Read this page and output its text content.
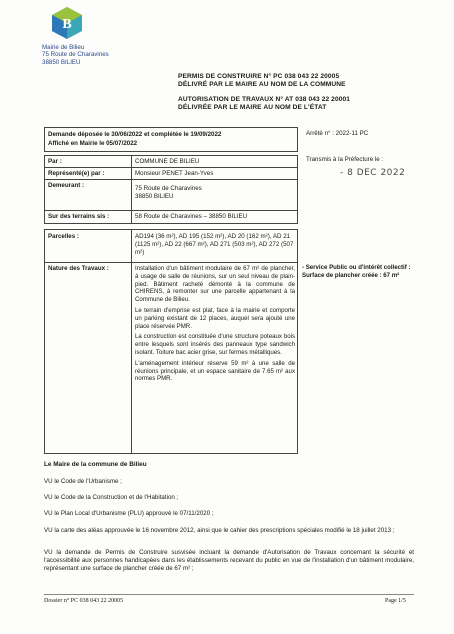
B
Mairie de Bilieu
75 Route de Charavines
38850 BILIEU
PERMIS DE CONSTRUIRE N° PC 038 043 22 20005
DÉLIVRÉ PAR LE MAIRE AU NOM DE LA COMMUNE
AUTORISATION DE TRAVAUX N° AT 038 043 22 20001
DÉLIVRÉE PAR LE MAIRE AU NOM DE L'ÉTAT
Demande déposée le 30/06/2022 et complétée le 19/09/2022
Affiché en Mairie le 05/07/2022
Arrêté n° : 2022-11 PC
Transmis à la Préfecture le :
- 8 DEC 2022
Par :	COMMUNE DE BILIEU
Représenté(e) par :	Monsieur PENET Jean-Yves
Demeurant :	75 Route de Charavines
38850 BILIEU
Sur des terrains sis :	58 Route de Charavines – 38850 BILIEU
Parcelles :	AD194 (36 m²), AD 195 (152 m²), AD 20 (162 m²), AD 21 (1125 m²), AD 22 (667 m²), AD 271 (503 m²), AD 272 (507 m²)
Nature des Travaux :	Installation d'un bâtiment modulaire de 67 m² de plancher, à usage de salle de réunions, sur un seul niveau de plain-pied. Bâtiment racheté démonté à la commune de CHIRENS, à remonter sur une parcelle appartenant à la Commune de Bilieu.
Le terrain d'emprise est plat, face à la mairie et comporte un parking existant de 12 places, auquel sera ajouté une place réservée PMR.
La construction est constituée d'une structure poteaux bois entre lesquels sont insérés des panneaux type sandwich isolant. Toiture bac acier grise, sur fermes métalliques.
L'aménagement intérieur réserve 59 m² à une salle de réunions principale, et un espace sanitaire de 7.65 m² aux normes PMR.
- Service Public ou d'intérêt collectif : Surface de plancher créée : 67 m²
Le Maire de la commune de Bilieu
VU le Code de l'Urbanisme ;
VU le Code de la Construction et de l'Habitation ;
VU le Plan Local d'Urbanisme (PLU) approuvé le 07/11/2020 ;
VU la carte des aléas approuvée le 16 novembre 2012, ainsi que le cahier des prescriptions spéciales modifié le 18 juillet 2013 ;
VU la demande de Permis de Construire susvisée incluant la demande d'Autorisation de Travaux concernant la sécurité et l'accessibilité aux personnes handicapées dans les établissements recevant du public en vue de l'installation d'un bâtiment modulaire, représentant une surface de plancher créée de 67 m² ;
Dossier n° PC 038 043 22 20005	Page 1/5
